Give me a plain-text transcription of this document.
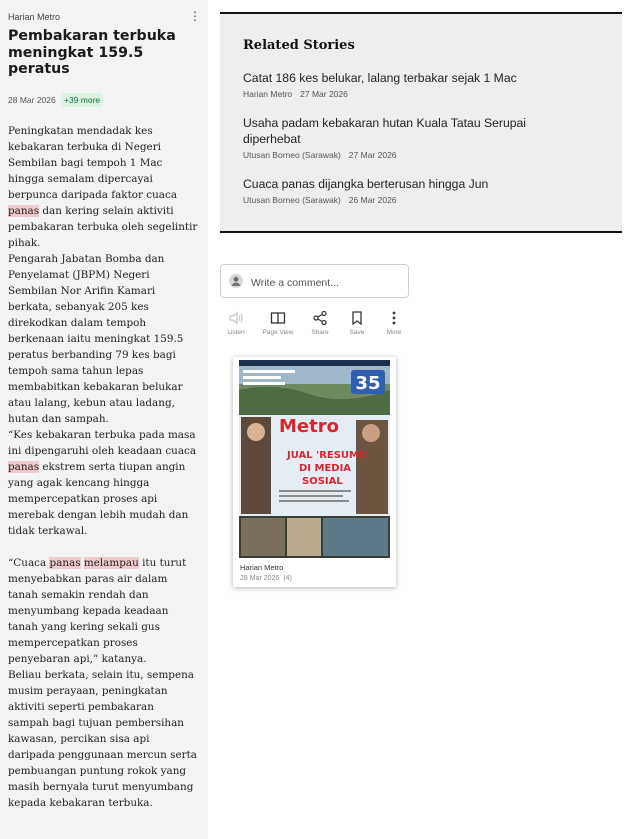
Harian Metro	⋮
Pembakaran terbuka meningkat 159.5 peratus
28 Mar 2026 +39 more

Peningkatan mendadak kes kebakaran terbuka di Negeri Sembilan bagi tempoh 1 Mac hingga semalam dipercayai berpunca daripada faktor cuaca panas dan kering selain aktiviti pembakaran terbuka oleh segelintir pihak.

Pengarah Jabatan Bomba dan Penyelamat (JBPM) Negeri Sembilan Nor Arifin Kamari berkata, sebanyak 205 kes direkodkan dalam tempoh berkenaan iaitu meningkat 159.5 peratus berbanding 79 kes bagi tempoh sama tahun lepas membabitkan kebakaran belukar atau lalang, kebun atau ladang, hutan dan sampah.

“Kes kebakaran terbuka pada masa ini dipengaruhi oleh keadaan cuaca panas ekstrem serta tiupan angin yang agak kencang hingga mempercepatkan proses api merebak dengan lebih mudah dan tidak terkawal.

“Cuaca panas melampau itu turut menyebabkan paras air dalam tanah semakin rendah dan menyumbang kepada keadaan tanah yang kering sekali gus mempercepatkan proses penyebaran api,” katanya.

Beliau berkata, selain itu, sempena musim perayaan, peningkatan aktiviti seperti pembakaran sampah bagi tujuan pembersihan kawasan, percikan sisa api daripada penggunaan mercun serta pembuangan puntung rokok yang masih bernyala turut menyumbang kepada kebakaran terbuka.

Related Stories
Catat 186 kes belukar, lalang terbakar sejak 1 Mac
Harian Metro 27 Mar 2026
Usaha padam kebakaran hutan Kuala Tatau Serupai diperhebat
Utusan Borneo (Sarawak) 27 Mar 2026
Cuaca panas dijangka berterusan hingga Jun
Utusan Borneo (Sarawak) 26 Mar 2026
Write a comment...
Listen	Page View	Share	Save	More
35
Metro
JUAL 'RESUME'
DI MEDIA
SOSIAL
Harian Metro
28 Mar 2026 (4)
